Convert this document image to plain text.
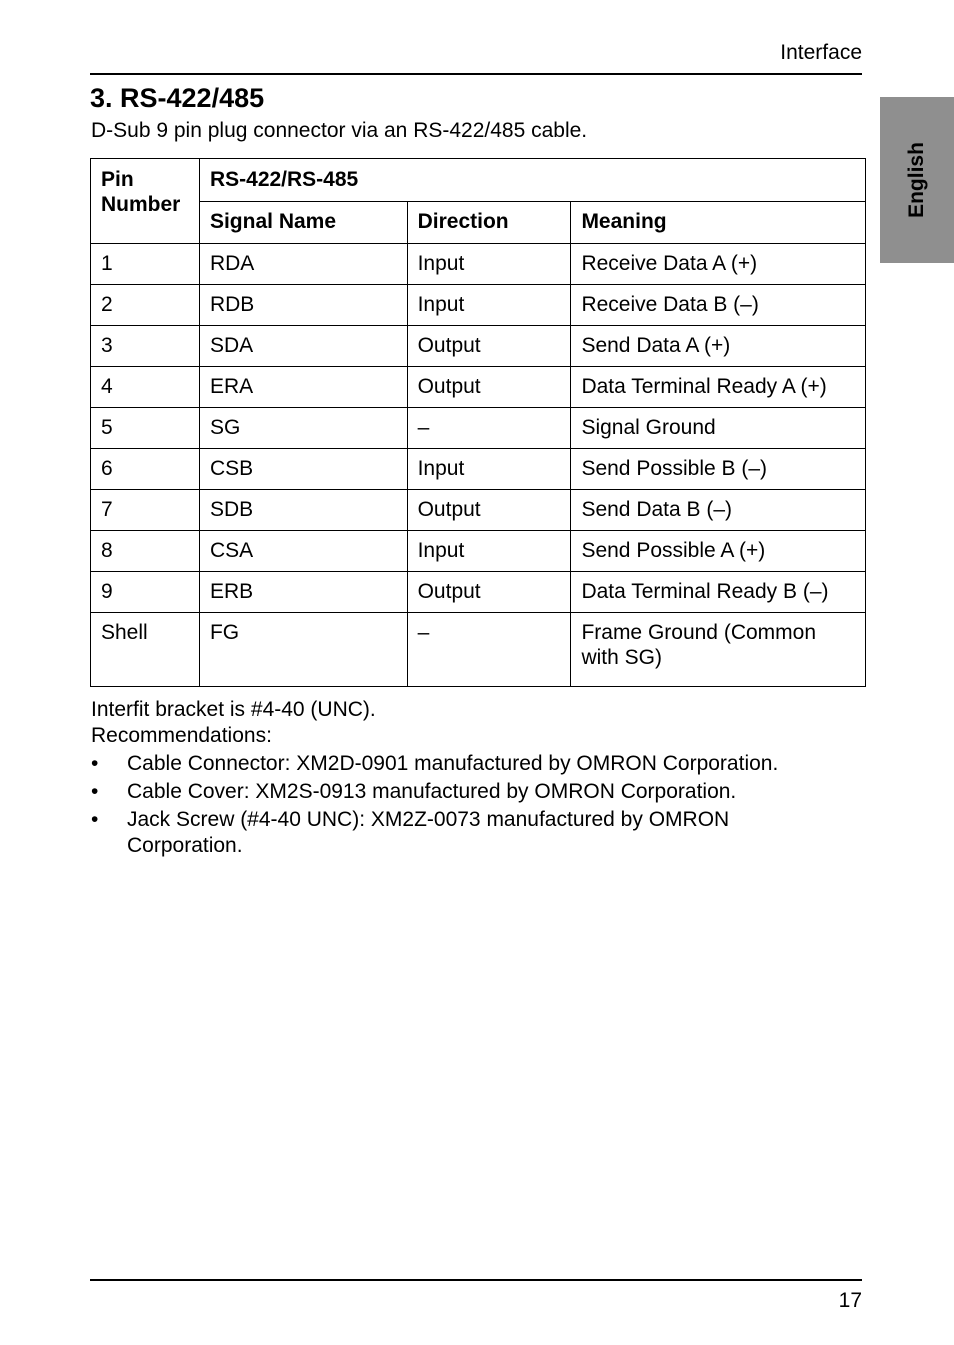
Interface
English
3. RS-422/485
D-Sub 9 pin plug connector via an RS-422/485 cable.
Pin Number	RS-422/RS-485		
	Signal Name	Direction	Meaning
1	RDA	Input	Receive Data A (+)
2	RDB	Input	Receive Data B (–)
3	SDA	Output	Send Data A (+)
4	ERA	Output	Data Terminal Ready A (+)
5	SG	–	Signal Ground
6	CSB	Input	Send Possible B (–)
7	SDB	Output	Send Data B (–)
8	CSA	Input	Send Possible A (+)
9	ERB	Output	Data Terminal Ready B (–)
Shell	FG	–	Frame Ground (Common with SG)
Interfit bracket is #4-40 (UNC).
Recommendations:
• Cable Connector: XM2D-0901 manufactured by OMRON Corporation.
• Cable Cover: XM2S-0913 manufactured by OMRON Corporation.
• Jack Screw (#4-40 UNC): XM2Z-0073 manufactured by OMRON Corporation.
17
